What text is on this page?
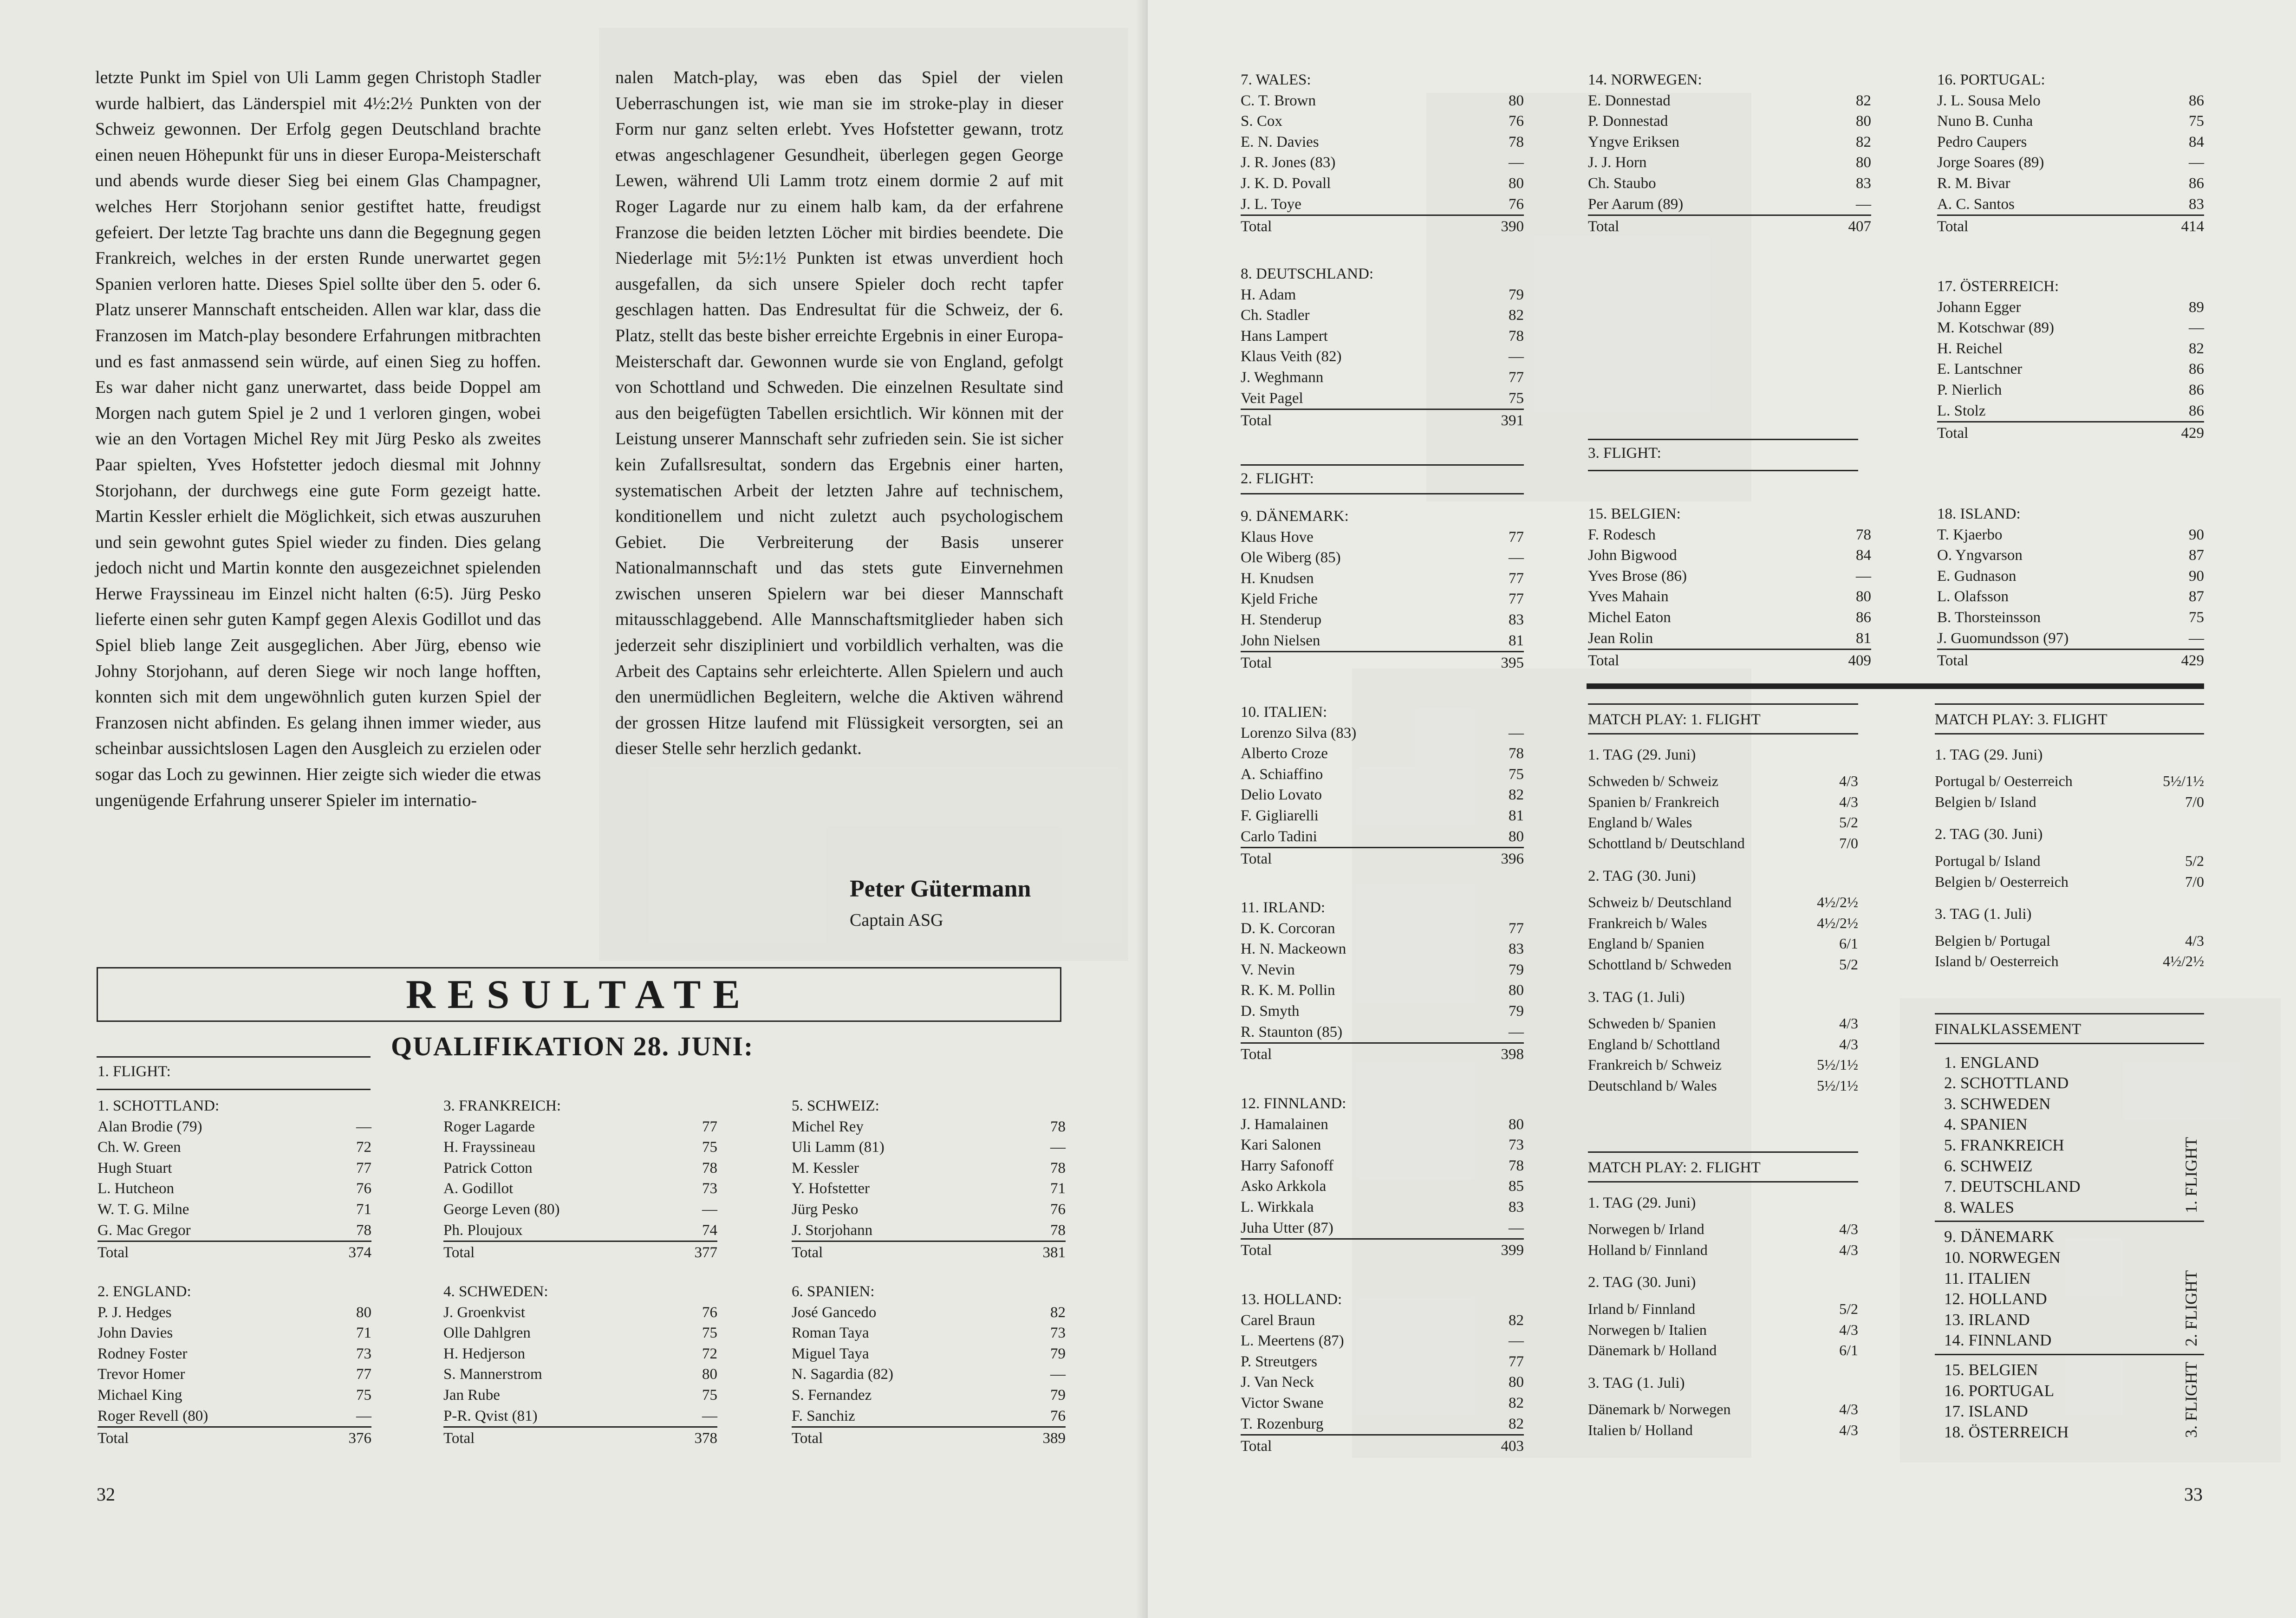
letzte Punkt im Spiel von Uli Lamm gegen Christoph Stadler wurde halbiert, das Länderspiel mit 4½:2½ Punkten von der Schweiz gewonnen. Der Erfolg gegen Deutschland brachte einen neuen Höhepunkt für uns in dieser Europa-Meisterschaft und abends wurde dieser Sieg bei einem Glas Champagner, welches Herr Storjohann senior gestiftet hatte, freudigst gefeiert. Der letzte Tag brachte uns dann die Begegnung gegen Frankreich, welches in der ersten Runde unerwartet gegen Spanien verloren hatte. Dieses Spiel sollte über den 5. oder 6. Platz unserer Mannschaft entscheiden. Allen war klar, dass die Franzosen im Match-play besondere Erfahrungen mitbrachten und es fast anmassend sein würde, auf einen Sieg zu hoffen. Es war daher nicht ganz unerwartet, dass beide Doppel am Morgen nach gutem Spiel je 2 und 1 verloren gingen, wobei wie an den Vortagen Michel Rey mit Jürg Pesko als zweites Paar spielten, Yves Hofstetter jedoch diesmal mit Johnny Storjohann, der durchwegs eine gute Form gezeigt hatte. Martin Kessler erhielt die Möglichkeit, sich etwas auszuruhen und sein gewohnt gutes Spiel wieder zu finden. Dies gelang jedoch nicht und Martin konnte den ausgezeichnet spielenden Herwe Frayssineau im Einzel nicht halten (6:5). Jürg Pesko lieferte einen sehr guten Kampf gegen Alexis Godillot und das Spiel blieb lange Zeit ausgeglichen. Aber Jürg, ebenso wie Johny Storjohann, auf deren Siege wir noch lange hofften, konnten sich mit dem ungewöhnlich guten kurzen Spiel der Franzosen nicht abfinden. Es gelang ihnen immer wieder, aus scheinbar aussichtslosen Lagen den Ausgleich zu erzielen oder sogar das Loch zu gewinnen. Hier zeigte sich wieder die etwas ungenügende Erfahrung unserer Spieler im internatio-

nalen Match-play, was eben das Spiel der vielen Ueberraschungen ist, wie man sie im stroke-play in dieser Form nur ganz selten erlebt. Yves Hofstetter gewann, trotz etwas angeschlagener Gesundheit, überlegen gegen George Lewen, während Uli Lamm trotz einem dormie 2 auf mit Roger Lagarde nur zu einem halb kam, da der erfahrene Franzose die beiden letzten Löcher mit birdies beendete. Die Niederlage mit 5½:1½ Punkten ist etwas unverdient hoch ausgefallen, da sich unsere Spieler doch recht tapfer geschlagen hatten. Das Endresultat für die Schweiz, der 6. Platz, stellt das beste bisher erreichte Ergebnis in einer Europa-Meisterschaft dar. Gewonnen wurde sie von England, gefolgt von Schottland und Schweden. Die einzelnen Resultate sind aus den beigefügten Tabellen ersichtlich. Wir können mit der Leistung unserer Mannschaft sehr zufrieden sein. Sie ist sicher kein Zufallsresultat, sondern das Ergebnis einer harten, systematischen Arbeit der letzten Jahre auf technischem, konditionellem und nicht zuletzt auch psychologischem Gebiet. Die Verbreiterung der Basis unserer Nationalmannschaft und das stets gute Einvernehmen zwischen unseren Spielern war bei dieser Mannschaft mitausschlaggebend. Alle Mannschaftsmitglieder haben sich jederzeit sehr diszipliniert und vorbildlich verhalten, was die Arbeit des Captains sehr erleichterte. Allen Spielern und auch den unermüdlichen Begleitern, welche die Aktiven während der grossen Hitze laufend mit Flüssigkeit versorgten, sei an dieser Stelle sehr herzlich gedankt.

Peter Gütermann
Captain ASG
RESULTATE
QUALIFIKATION 28. JUNI:
1. FLIGHT:
1. SCHOTTLAND:
Alan Brodie (79)	—
Ch. W. Green	72
Hugh Stuart	77
L. Hutcheon	76
W. T. G. Milne	71
G. Mac Gregor	78
Total	374
2. ENGLAND:
P. J. Hedges	80
John Davies	71
Rodney Foster	73
Trevor Homer	77
Michael King	75
Roger Revell (80)	—
Total	376
3. FRANKREICH:
Roger Lagarde	77
H. Frayssineau	75
Patrick Cotton	78
A. Godillot	73
George Leven (80)	—
Ph. Ploujoux	74
Total	377
4. SCHWEDEN:
J. Groenkvist	76
Olle Dahlgren	75
H. Hedjerson	72
S. Mannerstrom	80
Jan Rube	75
P-R. Qvist (81)	—
Total	378
5. SCHWEIZ:
Michel Rey	78
Uli Lamm (81)	—
M. Kessler	78
Y. Hofstetter	71
Jürg Pesko	76
J. Storjohann	78
Total	381
6. SPANIEN:
José Gancedo	82
Roman Taya	73
Miguel Taya	79
N. Sagardia (82)	—
S. Fernandez	79
F. Sanchiz	76
Total	389
32
7. WALES:
C. T. Brown	80
S. Cox	76
E. N. Davies	78
J. R. Jones (83)	—
J. K. D. Povall	80
J. L. Toye	76
Total	390
8. DEUTSCHLAND:
H. Adam	79
Ch. Stadler	82
Hans Lampert	78
Klaus Veith (82)	—
J. Weghmann	77
Veit Pagel	75
Total	391
9. DÄNEMARK:
Klaus Hove	77
Ole Wiberg (85)	—
H. Knudsen	77
Kjeld Friche	77
H. Stenderup	83
John Nielsen	81
Total	395
10. ITALIEN:
Lorenzo Silva (83)	—
Alberto Croze	78
A. Schiaffino	75
Delio Lovato	82
F. Gigliarelli	81
Carlo Tadini	80
Total	396
11. IRLAND:
D. K. Corcoran	77
H. N. Mackeown	83
V. Nevin	79
R. K. M. Pollin	80
D. Smyth	79
R. Staunton (85)	—
Total	398
12. FINNLAND:
J. Hamalainen	80
Kari Salonen	73
Harry Safonoff	78
Asko Arkkola	85
L. Wirkkala	83
Juha Utter (87)	—
Total	399
13. HOLLAND:
Carel Braun	82
L. Meertens (87)	—
P. Streutgers	77
J. Van Neck	80
Victor Swane	82
T. Rozenburg	82
Total	403
14. NORWEGEN:
E. Donnestad	82
P. Donnestad	80
Yngve Eriksen	82
J. J. Horn	80
Ch. Staubo	83
Per Aarum (89)	—
Total	407
15. BELGIEN:
F. Rodesch	78
John Bigwood	84
Yves Brose (86)	—
Yves Mahain	80
Michel Eaton	86
Jean Rolin	81
Total	409
16. PORTUGAL:
J. L. Sousa Melo	86
Nuno B. Cunha	75
Pedro Caupers	84
Jorge Soares (89)	—
R. M. Bivar	86
A. C. Santos	83
Total	414
17. ÖSTERREICH:
Johann Egger	89
M. Kotschwar (89)	—
H. Reichel	82
E. Lantschner	86
P. Nierlich	86
L. Stolz	86
Total	429
18. ISLAND:
T. Kjaerbo	90
O. Yngvarson	87
E. Gudnason	90
L. Olafsson	87
B. Thorsteinsson	75
J. Guomundsson (97)	—
Total	429
2. FLIGHT:
3. FLIGHT:
MATCH PLAY: 1. FLIGHT
1. TAG (29. Juni)
Schweden b/ Schweiz	4/3
Spanien b/ Frankreich	4/3
England b/ Wales	5/2
Schottland b/ Deutschland	7/0
2. TAG (30. Juni)
Schweiz b/ Deutschland	4½/2½
Frankreich b/ Wales	4½/2½
England b/ Spanien	6/1
Schottland b/ Schweden	5/2
3. TAG (1. Juli)
Schweden b/ Spanien	4/3
England b/ Schottland	4/3
Frankreich b/ Schweiz	5½/1½
Deutschland b/ Wales	5½/1½
MATCH PLAY: 2. FLIGHT
1. TAG (29. Juni)
Norwegen b/ Irland	4/3
Holland b/ Finnland	4/3
2. TAG (30. Juni)
Irland b/ Finnland	5/2
Norwegen b/ Italien	4/3
Dänemark b/ Holland	6/1
3. TAG (1. Juli)
Dänemark b/ Norwegen	4/3
Italien b/ Holland	4/3
MATCH PLAY: 3. FLIGHT
1. TAG (29. Juni)
Portugal b/ Oesterreich	5½/1½
Belgien b/ Island	7/0
2. TAG (30. Juni)
Portugal b/ Island	5/2
Belgien b/ Oesterreich	7/0
3. TAG (1. Juli)
Belgien b/ Portugal	4/3
Island b/ Oesterreich	4½/2½
FINALKLASSEMENT
1. ENGLAND
2. SCHOTTLAND
3. SCHWEDEN
4. SPANIEN
5. FRANKREICH
6. SCHWEIZ
7. DEUTSCHLAND
8. WALES	1. FLIGHT
9. DÄNEMARK
10. NORWEGEN
11. ITALIEN
12. HOLLAND
13. IRLAND
14. FINNLAND	2. FLIGHT
15. BELGIEN
16. PORTUGAL
17. ISLAND
18. ÖSTERREICH	3. FLIGHT
33
